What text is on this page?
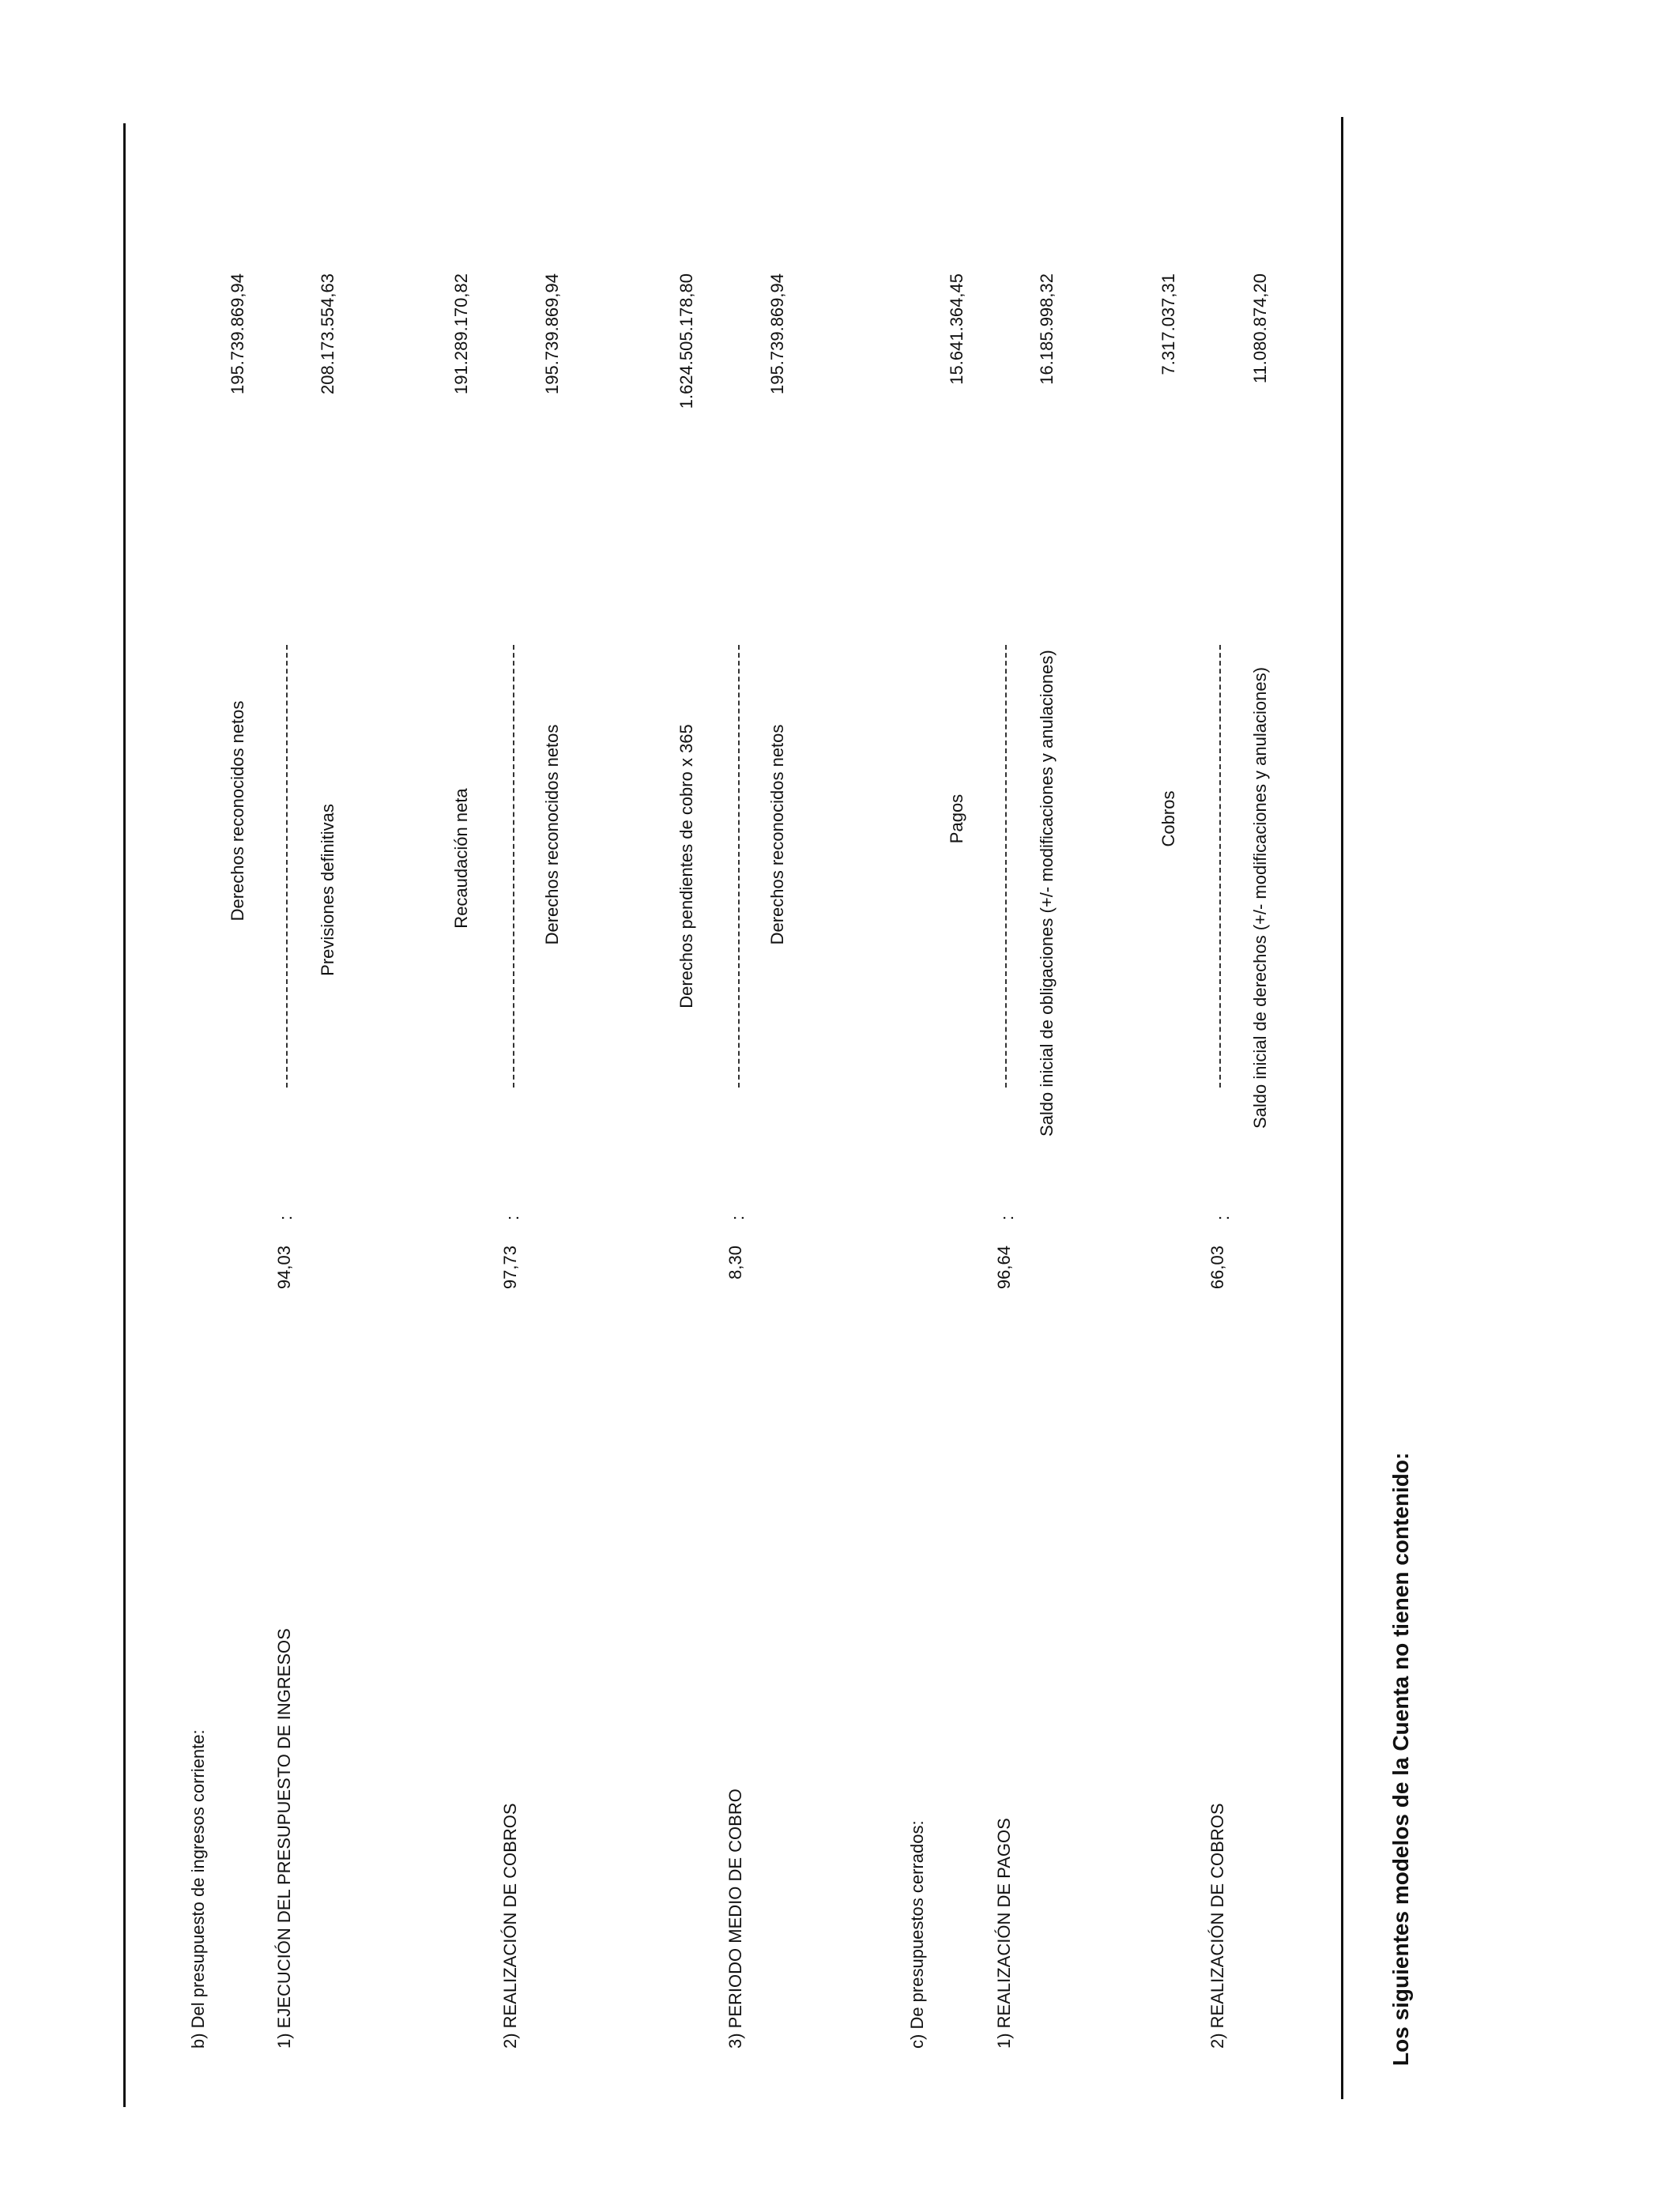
b) Del presupuesto de ingresos corriente:	1) EJECUCIÓN DEL PRESUPUESTO DE INGRESOS
94,03
:
Derechos reconocidos netos	Previsiones definitivas
195.739.869,94	208.173.554,63
2) REALIZACIÓN DE COBROS
97,73
:
Recaudación neta	Derechos reconocidos netos
191.289.170,82	195.739.869,94
3) PERIODO MEDIO DE COBRO
8,30
:
Derechos pendientes de cobro x 365	Derechos reconocidos netos
1.624.505.178,80	195.739.869,94
c) De presupuestos cerrados:	1) REALIZACIÓN DE PAGOS
96,64
:
Pagos	Saldo inicial de obligaciones (+/- modificaciones y anulaciones)
15.641.364,45	16.185.998,32
2) REALIZACIÓN DE COBROS
66,03
:
Cobros	Saldo inicial de derechos (+/- modificaciones y anulaciones)
7.317.037,31	11.080.874,20
Los siguientes modelos de la Cuenta no tienen contenido:
